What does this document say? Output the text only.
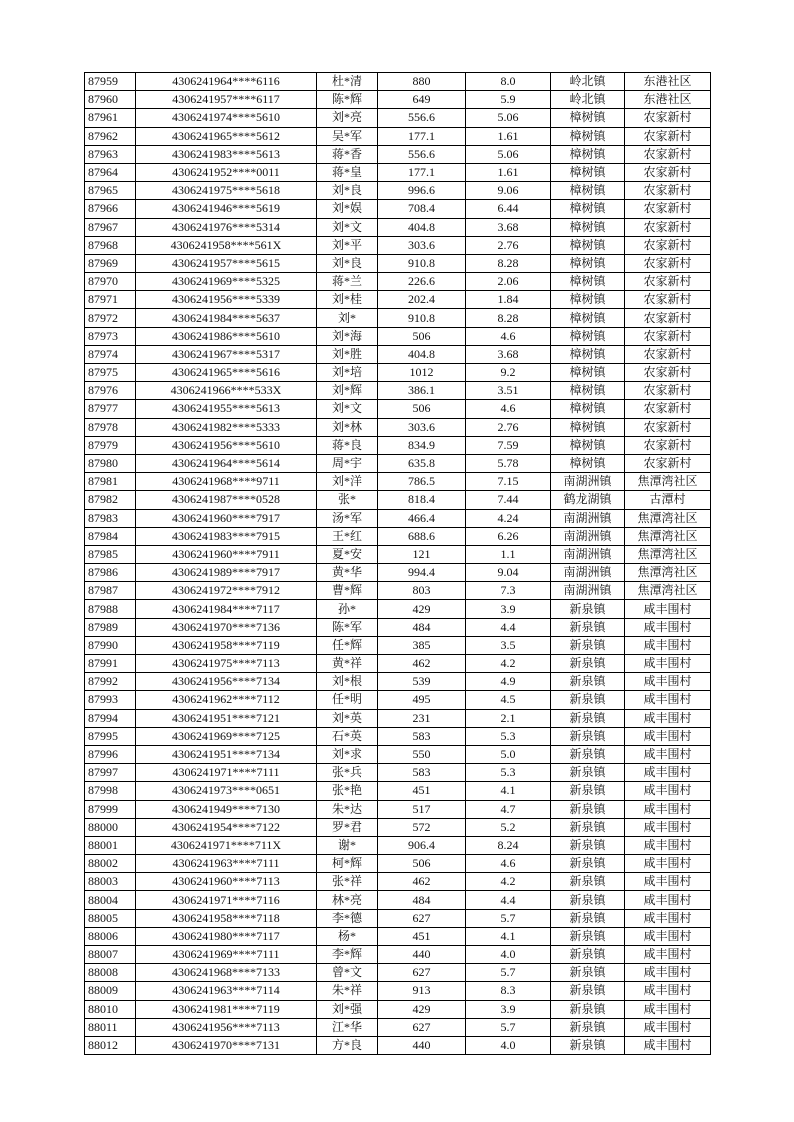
87959	4306241964****6116	杜*清	880	8.0	岭北镇	东港社区
87960	4306241957****6117	陈*辉	649	5.9	岭北镇	东港社区
87961	4306241974****5610	刘*亮	556.6	5.06	樟树镇	农家新村
87962	4306241965****5612	吴*军	177.1	1.61	樟树镇	农家新村
87963	4306241983****5613	蒋*香	556.6	5.06	樟树镇	农家新村
87964	4306241952****0011	蒋*皇	177.1	1.61	樟树镇	农家新村
87965	4306241975****5618	刘*良	996.6	9.06	樟树镇	农家新村
87966	4306241946****5619	刘*娱	708.4	6.44	樟树镇	农家新村
87967	4306241976****5314	刘*文	404.8	3.68	樟树镇	农家新村
87968	4306241958****561X	刘*平	303.6	2.76	樟树镇	农家新村
87969	4306241957****5615	刘*良	910.8	8.28	樟树镇	农家新村
87970	4306241969****5325	蒋*兰	226.6	2.06	樟树镇	农家新村
87971	4306241956****5339	刘*桂	202.4	1.84	樟树镇	农家新村
87972	4306241984****5637	刘*	910.8	8.28	樟树镇	农家新村
87973	4306241986****5610	刘*海	506	4.6	樟树镇	农家新村
87974	4306241967****5317	刘*胜	404.8	3.68	樟树镇	农家新村
87975	4306241965****5616	刘*培	1012	9.2	樟树镇	农家新村
87976	4306241966****533X	刘*辉	386.1	3.51	樟树镇	农家新村
87977	4306241955****5613	刘*文	506	4.6	樟树镇	农家新村
87978	4306241982****5333	刘*林	303.6	2.76	樟树镇	农家新村
87979	4306241956****5610	蒋*良	834.9	7.59	樟树镇	农家新村
87980	4306241964****5614	周*宇	635.8	5.78	樟树镇	农家新村
87981	4306241968****9711	刘*洋	786.5	7.15	南湖洲镇	焦潭湾社区
87982	4306241987****0528	张*	818.4	7.44	鹤龙湖镇	古潭村
87983	4306241960****7917	汤*军	466.4	4.24	南湖洲镇	焦潭湾社区
87984	4306241983****7915	王*红	688.6	6.26	南湖洲镇	焦潭湾社区
87985	4306241960****7911	夏*安	121	1.1	南湖洲镇	焦潭湾社区
87986	4306241989****7917	黄*华	994.4	9.04	南湖洲镇	焦潭湾社区
87987	4306241972****7912	曹*辉	803	7.3	南湖洲镇	焦潭湾社区
87988	4306241984****7117	孙*	429	3.9	新泉镇	咸丰围村
87989	4306241970****7136	陈*军	484	4.4	新泉镇	咸丰围村
87990	4306241958****7119	任*辉	385	3.5	新泉镇	咸丰围村
87991	4306241975****7113	黄*祥	462	4.2	新泉镇	咸丰围村
87992	4306241956****7134	刘*根	539	4.9	新泉镇	咸丰围村
87993	4306241962****7112	任*明	495	4.5	新泉镇	咸丰围村
87994	4306241951****7121	刘*英	231	2.1	新泉镇	咸丰围村
87995	4306241969****7125	石*英	583	5.3	新泉镇	咸丰围村
87996	4306241951****7134	刘*求	550	5.0	新泉镇	咸丰围村
87997	4306241971****7111	张*兵	583	5.3	新泉镇	咸丰围村
87998	4306241973****0651	张*艳	451	4.1	新泉镇	咸丰围村
87999	4306241949****7130	朱*达	517	4.7	新泉镇	咸丰围村
88000	4306241954****7122	罗*君	572	5.2	新泉镇	咸丰围村
88001	4306241971****711X	谢*	906.4	8.24	新泉镇	咸丰围村
88002	4306241963****7111	柯*辉	506	4.6	新泉镇	咸丰围村
88003	4306241960****7113	张*祥	462	4.2	新泉镇	咸丰围村
88004	4306241971****7116	林*亮	484	4.4	新泉镇	咸丰围村
88005	4306241958****7118	李*德	627	5.7	新泉镇	咸丰围村
88006	4306241980****7117	杨*	451	4.1	新泉镇	咸丰围村
88007	4306241969****7111	李*辉	440	4.0	新泉镇	咸丰围村
88008	4306241968****7133	曾*文	627	5.7	新泉镇	咸丰围村
88009	4306241963****7114	朱*祥	913	8.3	新泉镇	咸丰围村
88010	4306241981****7119	刘*强	429	3.9	新泉镇	咸丰围村
88011	4306241956****7113	江*华	627	5.7	新泉镇	咸丰围村
88012	4306241970****7131	方*良	440	4.0	新泉镇	咸丰围村
